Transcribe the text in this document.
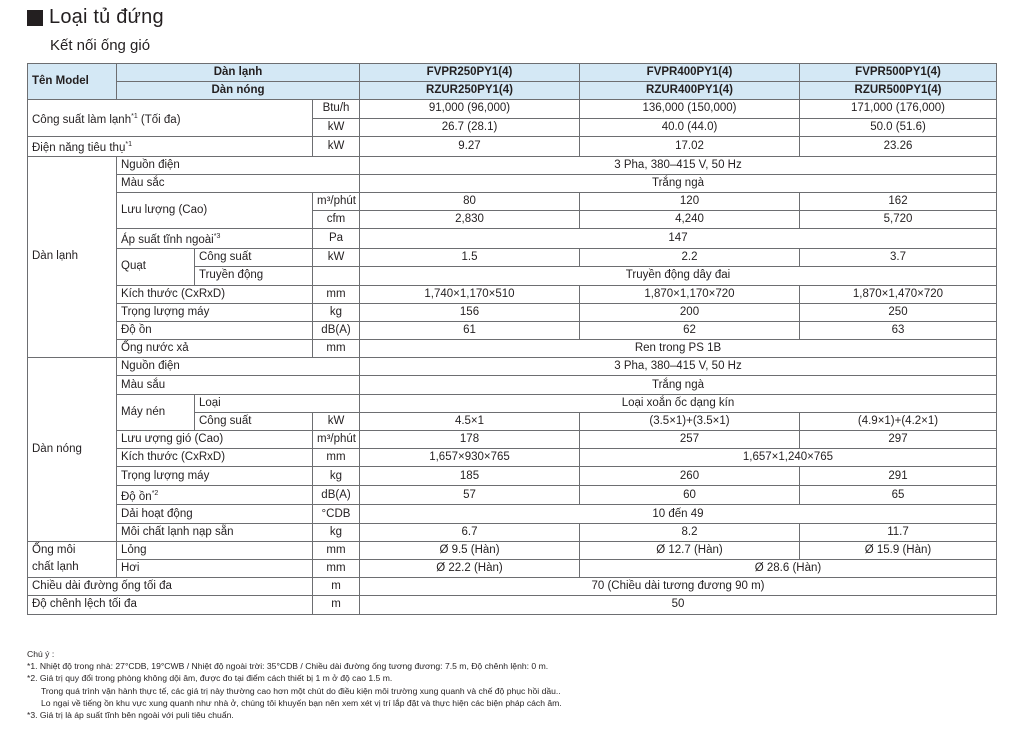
Loại tủ đứng
Kết nối ống gió
Tên Model	Dàn lạnh			FVPR250PY1(4)	FVPR400PY1(4)	FVPR500PY1(4)
	Dàn nóng			RZUR250PY1(4)	RZUR400PY1(4)	RZUR500PY1(4)
Công suất làm lạnh$^{*1}$ (Tối đa)			Btu/h	91,000 (96,000)	136,000 (150,000)	171,000 (176,000)
			kW	26.7 (28.1)	40.0 (44.0)	50.0 (51.6)
Điện năng tiêu thụ$^{*1}$			kW	9.27	17.02	23.26
Dàn lạnh	Nguồn điện			3 Pha, 380–415 V, 50 Hz		
	Màu sắc			Trắng ngà		
	Lưu lượng (Cao)		m³/phút	80	120	162
			cfm	2,830	4,240	5,720
	Áp suất tĩnh ngoài$^{*3}$		Pa	147		
	Quạt	Công suất	kW	1.5	2.2	3.7
		Truyền động		Truyền động dây đai		
	Kích thước (CxRxD)		mm	1,740×1,170×510	1,870×1,170×720	1,870×1,470×720
	Trọng lượng máy		kg	156	200	250
	Độ ồn		dB(A)	61	62	63
	Ống nước xả		mm	Ren trong PS 1B		
Dàn nóng	Nguồn điện			3 Pha, 380–415 V, 50 Hz		
	Màu sắu			Trắng ngà		
	Máy nén	Loại		Loại xoắn ốc dạng kín		
		Công suất	kW	4.5×1	(3.5×1)+(3.5×1)	(4.9×1)+(4.2×1)
	Lưu ượng gió (Cao)		m³/phút	178	257	297
	Kích thước (CxRxD)		mm	1,657×930×765	1,657×1,240×765	
	Trọng lượng máy		kg	185	260	291
	Độ ồn$^{*2}$		dB(A)	57	60	65
	Dải hoạt động		°CDB	10 đến 49		
	Môi chất lạnh nạp sẵn		kg	6.7	8.2	11.7
Ống môi
chất lạnh	Lỏng		mm	Ø 9.5 (Hàn)	Ø 12.7 (Hàn)	Ø 15.9 (Hàn)
	Hơi		mm	Ø 22.2 (Hàn)	Ø 28.6 (Hàn)	
Chiều dài đường ống tối đa			m	70 (Chiều dài tương đương 90 m)		
Độ chênh lệch tối đa			m	50		
Chú ý :
*1. Nhiệt độ trong nhà: 27°CDB, 19°CWB / Nhiệt độ ngoài trời: 35°CDB / Chiều dài đường ống tương đương: 7.5 m, Độ chênh lệnh: 0 m.
*2. Giá trị quy đổi trong phòng không dội âm, được đo tại điểm cách thiết bị 1 m ở độ cao 1.5 m.
Trong quá trình vận hành thực tế, các giá trị này thường cao hơn một chút do điều kiện môi trường xung quanh và chế độ phục hồi dầu..
Lo ngại về tiếng ồn khu vực xung quanh như nhà ở, chúng tôi khuyến bạn nên xem xét vị trí lắp đặt và thực hiện các biện pháp cách âm.
*3. Giá trị là áp suất tĩnh bên ngoài với puli tiêu chuẩn.
